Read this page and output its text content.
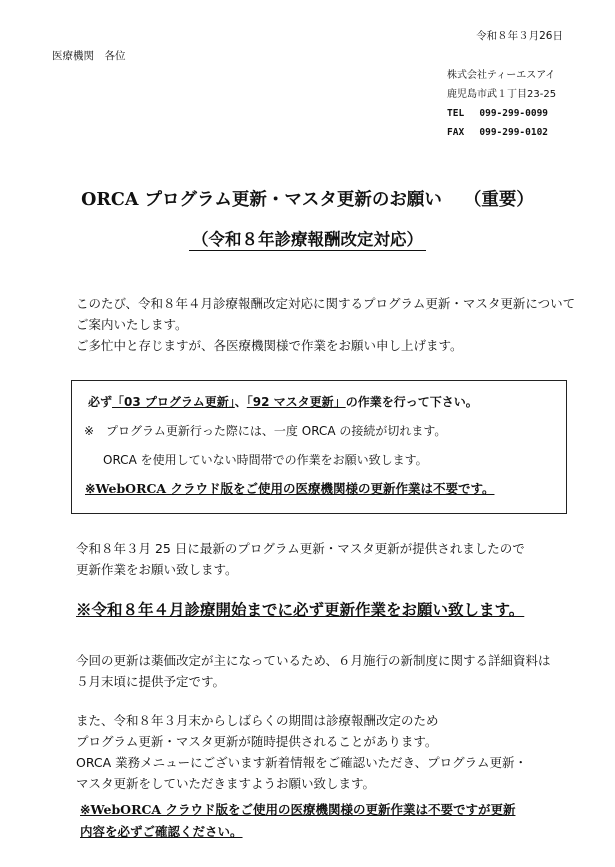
令和８年３月26日
医療機関　各位
株式会社ティーエスアイ
鹿児島市武１丁目23-25
TEL　 099-299-0099
FAX　 099-299-0102
ORCA プログラム更新・マスタ更新のお願い （重要）
（令和８年診療報酬改定対応）
このたび、令和８年４月診療報酬改定対応に関するプログラム更新・マスタ更新について
ご案内いたします。
ご多忙中と存じますが、各医療機関様で作業をお願い申し上げます。
必ず「03 プログラム更新」、「92 マスタ更新」の作業を行って下さい。
※　プログラム更新行った際には、一度 ORCA の接続が切れます。
ORCA を使用していない時間帯での作業をお願い致します。
※WebORCA クラウド版をご使用の医療機関様の更新作業は不要です。
令和８年３月 25 日に最新のプログラム更新・マスタ更新が提供されましたので
更新作業をお願い致します。
※令和８年４月診療開始までに必ず更新作業をお願い致します。
今回の更新は薬価改定が主になっているため、６月施行の新制度に関する詳細資料は
５月末頃に提供予定です。
また、令和８年３月末からしばらくの期間は診療報酬改定のため
プログラム更新・マスタ更新が随時提供されることがあります。
ORCA 業務メニューにございます新着情報をご確認いただき、プログラム更新・
マスタ更新をしていただきますようお願い致します。
※WebORCA クラウド版をご使用の医療機関様の更新作業は不要ですが更新
内容を必ずご確認ください。
